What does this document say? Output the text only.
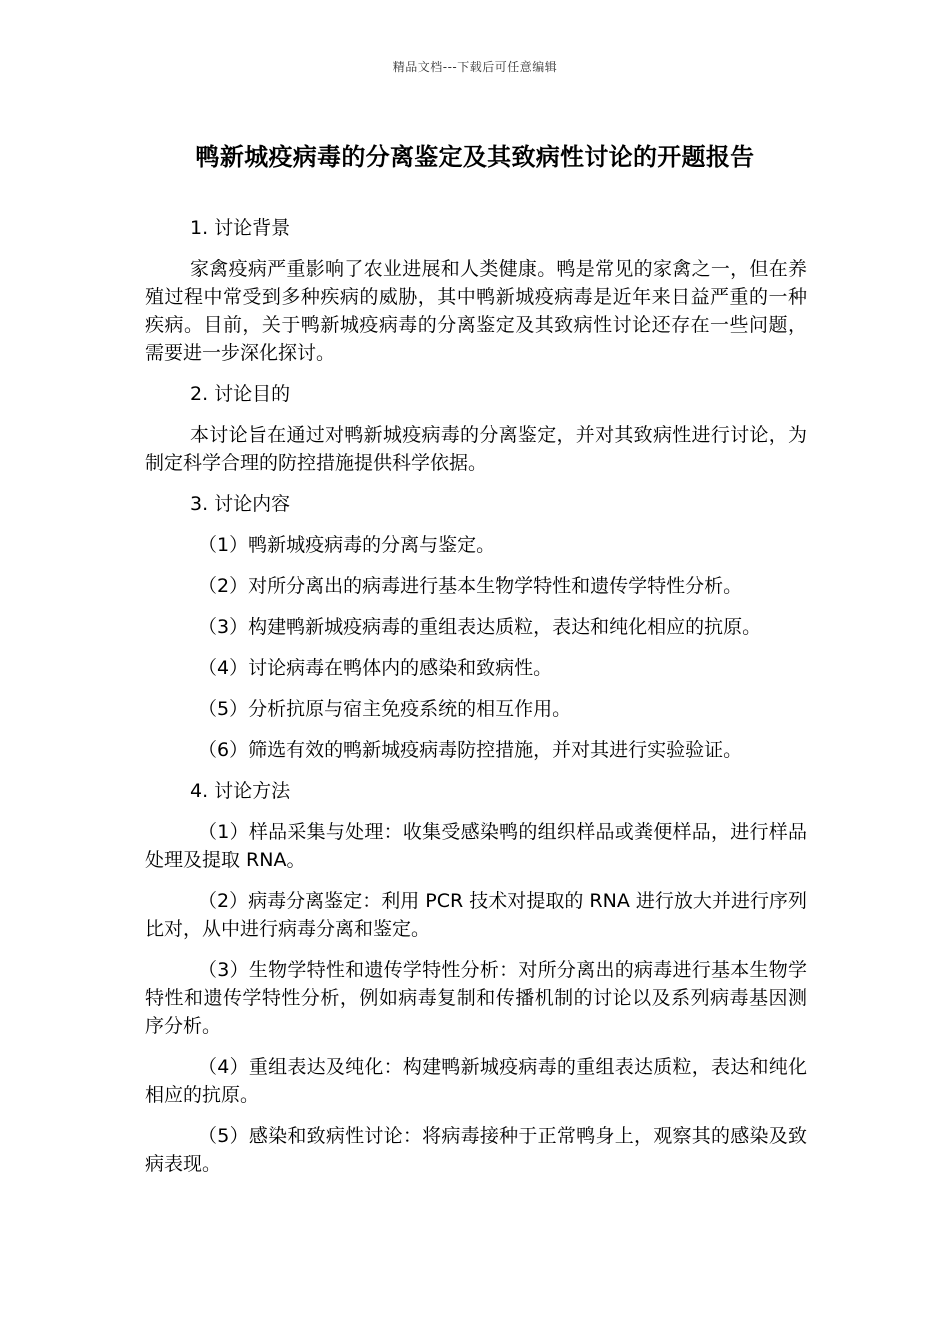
精品文档---下载后可任意编辑
鸭新城疫病毒的分离鉴定及其致病性讨论的开题报告
1. 讨论背景

家禽疫病严重影响了农业进展和人类健康。鸭是常见的家禽之一，但在养殖过程中常受到多种疾病的威胁，其中鸭新城疫病毒是近年来日益严重的一种疾病。目前，关于鸭新城疫病毒的分离鉴定及其致病性讨论还存在一些问题，需要进一步深化探讨。

2. 讨论目的

本讨论旨在通过对鸭新城疫病毒的分离鉴定，并对其致病性进行讨论，为制定科学合理的防控措施提供科学依据。

3. 讨论内容
（1）鸭新城疫病毒的分离与鉴定。
（2）对所分离出的病毒进行基本生物学特性和遗传学特性分析。
（3）构建鸭新城疫病毒的重组表达质粒，表达和纯化相应的抗原。
（4）讨论病毒在鸭体内的感染和致病性。
（5）分析抗原与宿主免疫系统的相互作用。
（6）筛选有效的鸭新城疫病毒防控措施，并对其进行实验验证。
4. 讨论方法

（1）样品采集与处理：收集受感染鸭的组织样品或粪便样品，进行样品处理及提取 RNA。

（2）病毒分离鉴定：利用 PCR 技术对提取的 RNA 进行放大并进行序列比对，从中进行病毒分离和鉴定。

（3）生物学特性和遗传学特性分析：对所分离出的病毒进行基本生物学特性和遗传学特性分析，例如病毒复制和传播机制的讨论以及系列病毒基因测序分析。

（4）重组表达及纯化：构建鸭新城疫病毒的重组表达质粒，表达和纯化相应的抗原。

（5）感染和致病性讨论：将病毒接种于正常鸭身上，观察其的感染及致病表现。
